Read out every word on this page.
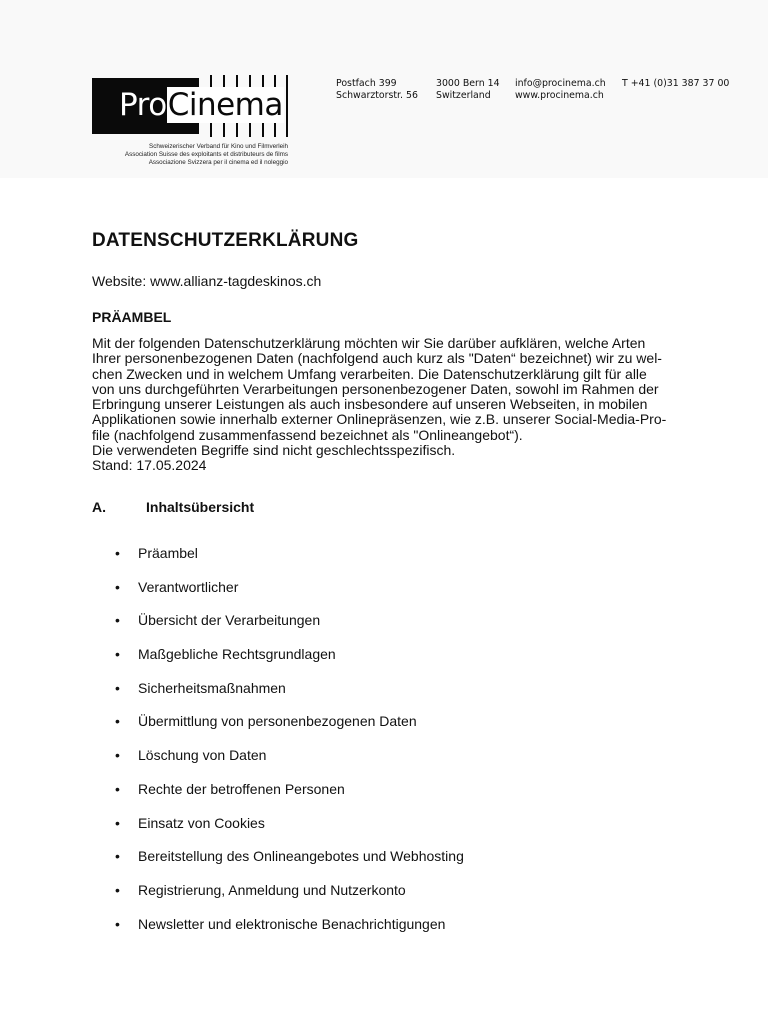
ProCinema
Schweizerischer Verband für Kino und Filmverleih
Association Suisse des exploitants et distributeurs de films
Associazione Svizzera per il cinema ed il noleggio
Postfach 399
Schwarztorstr. 56
3000 Bern 14
Switzerland
info@procinema.ch
www.procinema.ch
T +41 (0)31 387 37 00
DATENSCHUTZERKLÄRUNG
Website: www.allianz-tagdeskinos.ch
PRÄAMBEL
Mit der folgenden Datenschutzerklärung möchten wir Sie darüber aufklären, welche Arten
Ihrer personenbezogenen Daten (nachfolgend auch kurz als "Daten“ bezeichnet) wir zu wel-
chen Zwecken und in welchem Umfang verarbeiten. Die Datenschutzerklärung gilt für alle
von uns durchgeführten Verarbeitungen personenbezogener Daten, sowohl im Rahmen der
Erbringung unserer Leistungen als auch insbesondere auf unseren Webseiten, in mobilen
Applikationen sowie innerhalb externer Onlinepräsenzen, wie z.B. unserer Social-Media-Pro-
file (nachfolgend zusammenfassend bezeichnet als "Onlineangebot“).
Die verwendeten Begriffe sind nicht geschlechtsspezifisch.
Stand: 17.05.2024
A.	Inhaltsübersicht
• Präambel
• Verantwortlicher
• Übersicht der Verarbeitungen
• Maßgebliche Rechtsgrundlagen
• Sicherheitsmaßnahmen
• Übermittlung von personenbezogenen Daten
• Löschung von Daten
• Rechte der betroffenen Personen
• Einsatz von Cookies
• Bereitstellung des Onlineangebotes und Webhosting
• Registrierung, Anmeldung und Nutzerkonto
• Newsletter und elektronische Benachrichtigungen
